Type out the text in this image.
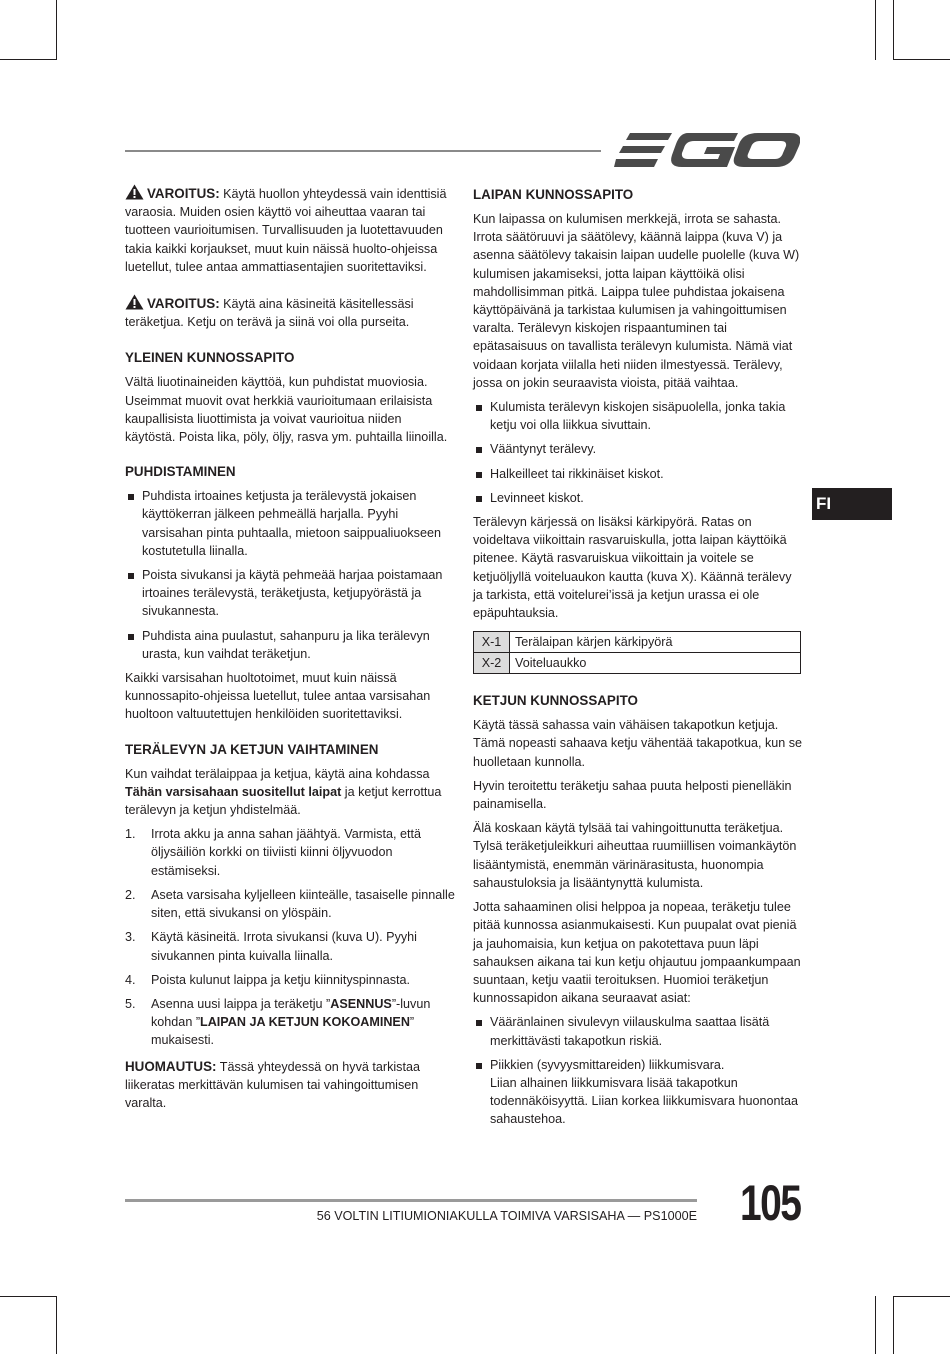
VAROITUS: Käytä huollon yhteydessä vain identtisiä varaosia. Muiden osien käyttö voi aiheuttaa vaaran tai tuotteen vaurioitumisen. Turvallisuuden ja luotettavuuden takia kaikki korjaukset, muut kuin näissä huolto-ohjeissa luetellut, tulee antaa ammattiasentajien suoritettaviksi.

VAROITUS: Käytä aina käsineitä käsitellessäsi teräketjua. Ketju on terävä ja siinä voi olla purseita.

YLEINEN KUNNOSSAPITO

Vältä liuotinaineiden käyttöä, kun puhdistat muoviosia. Useimmat muovit ovat herkkiä vaurioitumaan erilaisista kaupallisista liuottimista ja voivat vaurioitua niiden käytöstä. Poista lika, pöly, öljy, rasva ym. puhtailla liinoilla.

PUHDISTAMINEN
Puhdista irtoaines ketjusta ja terälevystä jokaisen käyttökerran jälkeen pehmeällä harjalla. Pyyhi varsisahan pinta puhtaalla, mietoon saippualiuokseen kostutetulla liinalla.
Poista sivukansi ja käytä pehmeää harjaa poistamaan irtoaines terälevystä, teräketjusta, ketjupyörästä ja sivukannesta.
Puhdista aina puulastut, sahanpuru ja lika terälevyn urasta, kun vaihdat teräketjun.

Kaikki varsisahan huoltotoimet, muut kuin näissä kunnossapito-ohjeissa luetellut, tulee antaa varsisahan huoltoon valtuutettujen henkilöiden suoritettaviksi.

TERÄLEVYN JA KETJUN VAIHTAMINEN

Kun vaihdat terälaippaa ja ketjua, käytä aina kohdassa Tähän varsisahaan suositellut laipat ja ketjut kerrottua terälevyn ja ketjun yhdistelmää.

1. Irrota akku ja anna sahan jäähtyä. Varmista, että öljysäiliön korkki on tiiviisti kiinni öljyvuodon estämiseksi.
2. Aseta varsisaha kyljelleen kiinteälle, tasaiselle pinnalle siten, että sivukansi on ylöspäin.
3. Käytä käsineitä. Irrota sivukansi (kuva U). Pyyhi sivukannen pinta kuivalla liinalla.
4. Poista kulunut laippa ja ketju kiinnityspinnasta.
5. Asenna uusi laippa ja teräketju ”ASENNUS”-luvun kohdan ”LAIPAN JA KETJUN KOKOAMINEN” mukaisesti.

HUOMAUTUS: Tässä yhteydessä on hyvä tarkistaa liikeratas merkittävän kulumisen tai vahingoittumisen varalta.

LAIPAN KUNNOSSAPITO

Kun laipassa on kulumisen merkkejä, irrota se sahasta. Irrota säätöruuvi ja säätölevy, käännä laippa (kuva V) ja asenna säätölevy takaisin laipan uudelle puolelle (kuva W) kulumisen jakamiseksi, jotta laipan käyttöikä olisi mahdollisimman pitkä. Laippa tulee puhdistaa jokaisena käyttöpäivänä ja tarkistaa kulumisen ja vahingoittumisen varalta. Terälevyn kiskojen rispaantuminen tai epätasaisuus on tavallista terälevyn kulumista. Nämä viat voidaan korjata viilalla heti niiden ilmestyessä. Terälevy, jossa on jokin seuraavista vioista, pitää vaihtaa.

Kulumista terälevyn kiskojen sisäpuolella, jonka takia ketju voi olla liikkua sivuttain.
Vääntynyt terälevy.
Halkeilleet tai rikkinäiset kiskot.
Levinneet kiskot.

Terälevyn kärjessä on lisäksi kärkipyörä. Ratas on voideltava viikoittain rasvaruiskulla, jotta laipan käyttöikä pitenee. Käytä rasvaruiskua viikoittain ja voitele se ketjuöljyllä voiteluaukon kautta (kuva X). Käännä terälevy ja tarkista, että voitelurei’issä ja ketjun urassa ei ole epäpuhtauksia.

X-1	Terälaipan kärjen kärkipyörä
X-2	Voiteluaukko
KETJUN KUNNOSSAPITO

Käytä tässä sahassa vain vähäisen takapotkun ketjuja. Tämä nopeasti sahaava ketju vähentää takapotkua, kun se huolletaan kunnolla.

Hyvin teroitettu teräketju sahaa puuta helposti pienelläkin painamisella.

Älä koskaan käytä tylsää tai vahingoittunutta teräketjua. Tylsä teräketjuleikkuri aiheuttaa ruumiillisen voimankäytön lisääntymistä, enemmän värinärasitusta, huonompia sahaustuloksia ja lisääntynyttä kulumista.

Jotta sahaaminen olisi helppoa ja nopeaa, teräketju tulee pitää kunnossa asianmukaisesti. Kun puupalat ovat pieniä ja jauhomaisia, kun ketjua on pakotettava puun läpi sahauksen aikana tai kun ketju ohjautuu jompaankumpaan suuntaan, ketju vaatii teroituksen. Huomioi teräketjun kunnossapidon aikana seuraavat asiat:

Vääränlainen sivulevyn viilauskulma saattaa lisätä merkittävästi takapotkun riskiä.
Piikkien (syvyysmittareiden) liikkumisvara.
Liian alhainen liikkumisvara lisää takapotkun todennäköisyyttä. Liian korkea liikkumisvara huonontaa sahaustehoa.
FI
56 VOLTIN LITIUMIONIAKULLA TOIMIVA VARSISAHA — PS1000E 105
